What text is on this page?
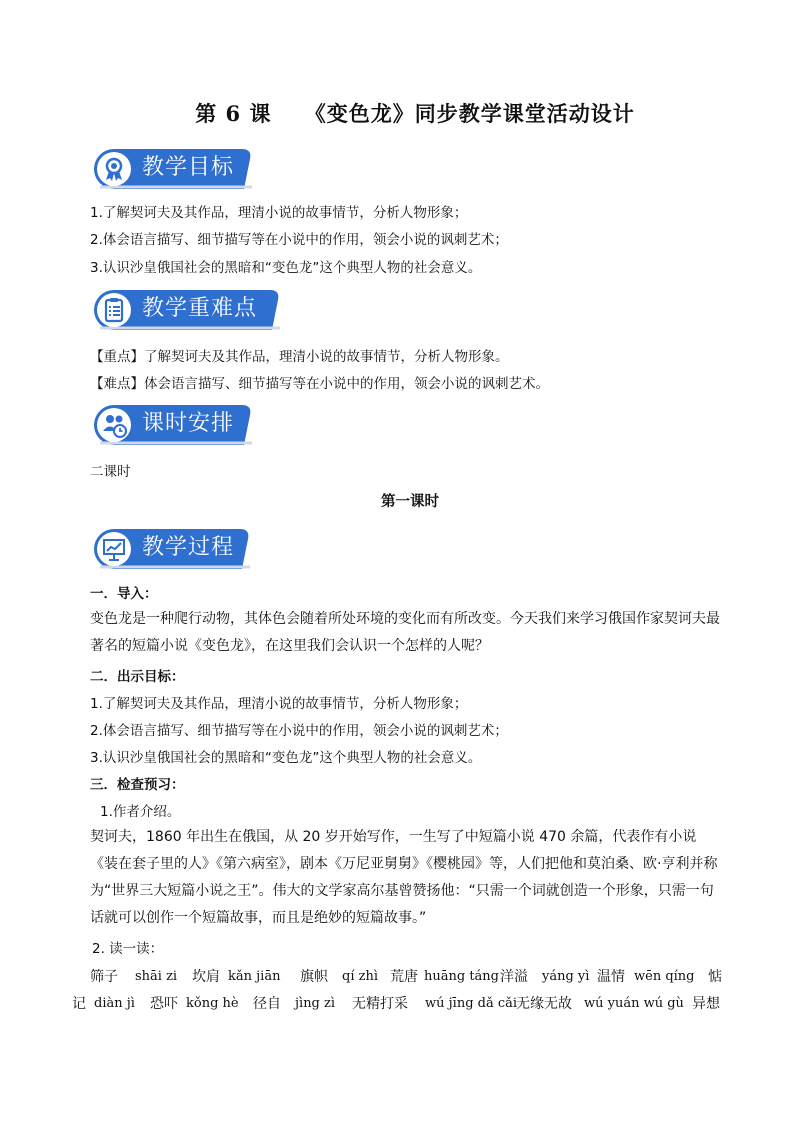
第 6 课    《变色龙》同步教学课堂活动设计
教学目标
1.了解契诃夫及其作品，理清小说的故事情节，分析人物形象；
2.体会语言描写、细节描写等在小说中的作用，领会小说的讽刺艺术；
3.认识沙皇俄国社会的黑暗和“变色龙”这个典型人物的社会意义。
教学重难点
【重点】了解契诃夫及其作品，理清小说的故事情节，分析人物形象。
【难点】体会语言描写、细节描写等在小说中的作用，领会小说的讽刺艺术。
课时安排
二课时
第一课时
教学过程
一．导入：
变色龙是一种爬行动物，其体色会随着所处环境的变化而有所改变。今天我们来学习俄国作家契诃夫最著名的短篇小说《变色龙》，在这里我们会认识一个怎样的人呢？
二．出示目标：
1.了解契诃夫及其作品，理清小说的故事情节，分析人物形象；
2.体会语言描写、细节描写等在小说中的作用，领会小说的讽刺艺术；
3.认识沙皇俄国社会的黑暗和“变色龙”这个典型人物的社会意义。
三．检查预习：
1.作者介绍。
契诃夫，1860 年出生在俄国，从 20 岁开始写作，一生写了中短篇小说 470 余篇，代表作有小说《装在套子里的人》《第六病室》，剧本《万尼亚舅舅》《樱桃园》等，人们把他和莫泊桑、欧·亨利并称为“世界三大短篇小说之王”。伟大的文学家高尔基曾赞扬他：“只需一个词就创造一个形象，只需一句话就可以创作一个短篇故事，而且是绝妙的短篇故事。”
2. 读一读：
筛子 shāi zi 坎肩 kǎn jiān 旗帜 qí zhì 荒唐 huāng táng 洋溢 yáng yì 温情 wēn qíng 惦
记 diàn jì 恐吓 kǒng hè 径自 jìng zì 无精打采 wú jīng dǎ cǎi
无缘无故 wú yuán wú gù 异想
